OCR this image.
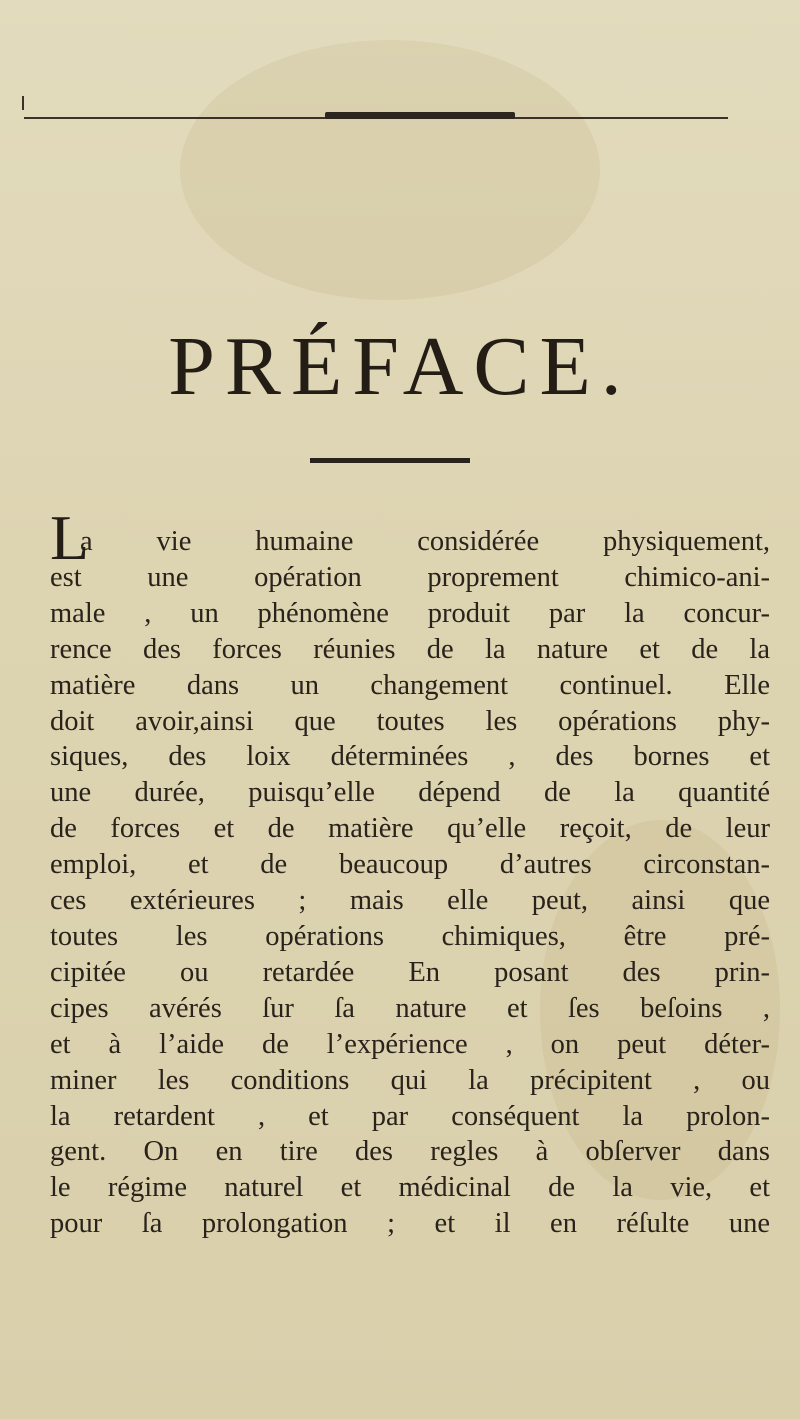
PRÉFACE.
L
a vie humaine considérée physiquement,
est une opération proprement chimico-ani-
male , un phénomène produit par la concur-
rence des forces réunies de la nature et de la
matière dans un changement continuel. Elle
doit avoir,ainsi que toutes les opérations phy-
siques, des loix déterminées , des bornes et
une durée, puisqu’elle dépend de la quantité
de forces et de matière qu’elle reçoit, de leur
emploi, et de beaucoup d’autres circonstan-
ces extérieures ; mais elle peut, ainsi que
toutes les opérations chimiques, être pré-
cipitée ou retardée En posant des prin-
cipes avérés ſur ſa nature et ſes beſoins ,
et à l’aide de l’expérience , on peut déter-
miner les conditions qui la précipitent , ou
la retardent , et par conséquent la prolon-
gent. On en tire des regles à obſerver dans
le régime naturel et médicinal de la vie, et
pour ſa prolongation ; et il en réſulte une
